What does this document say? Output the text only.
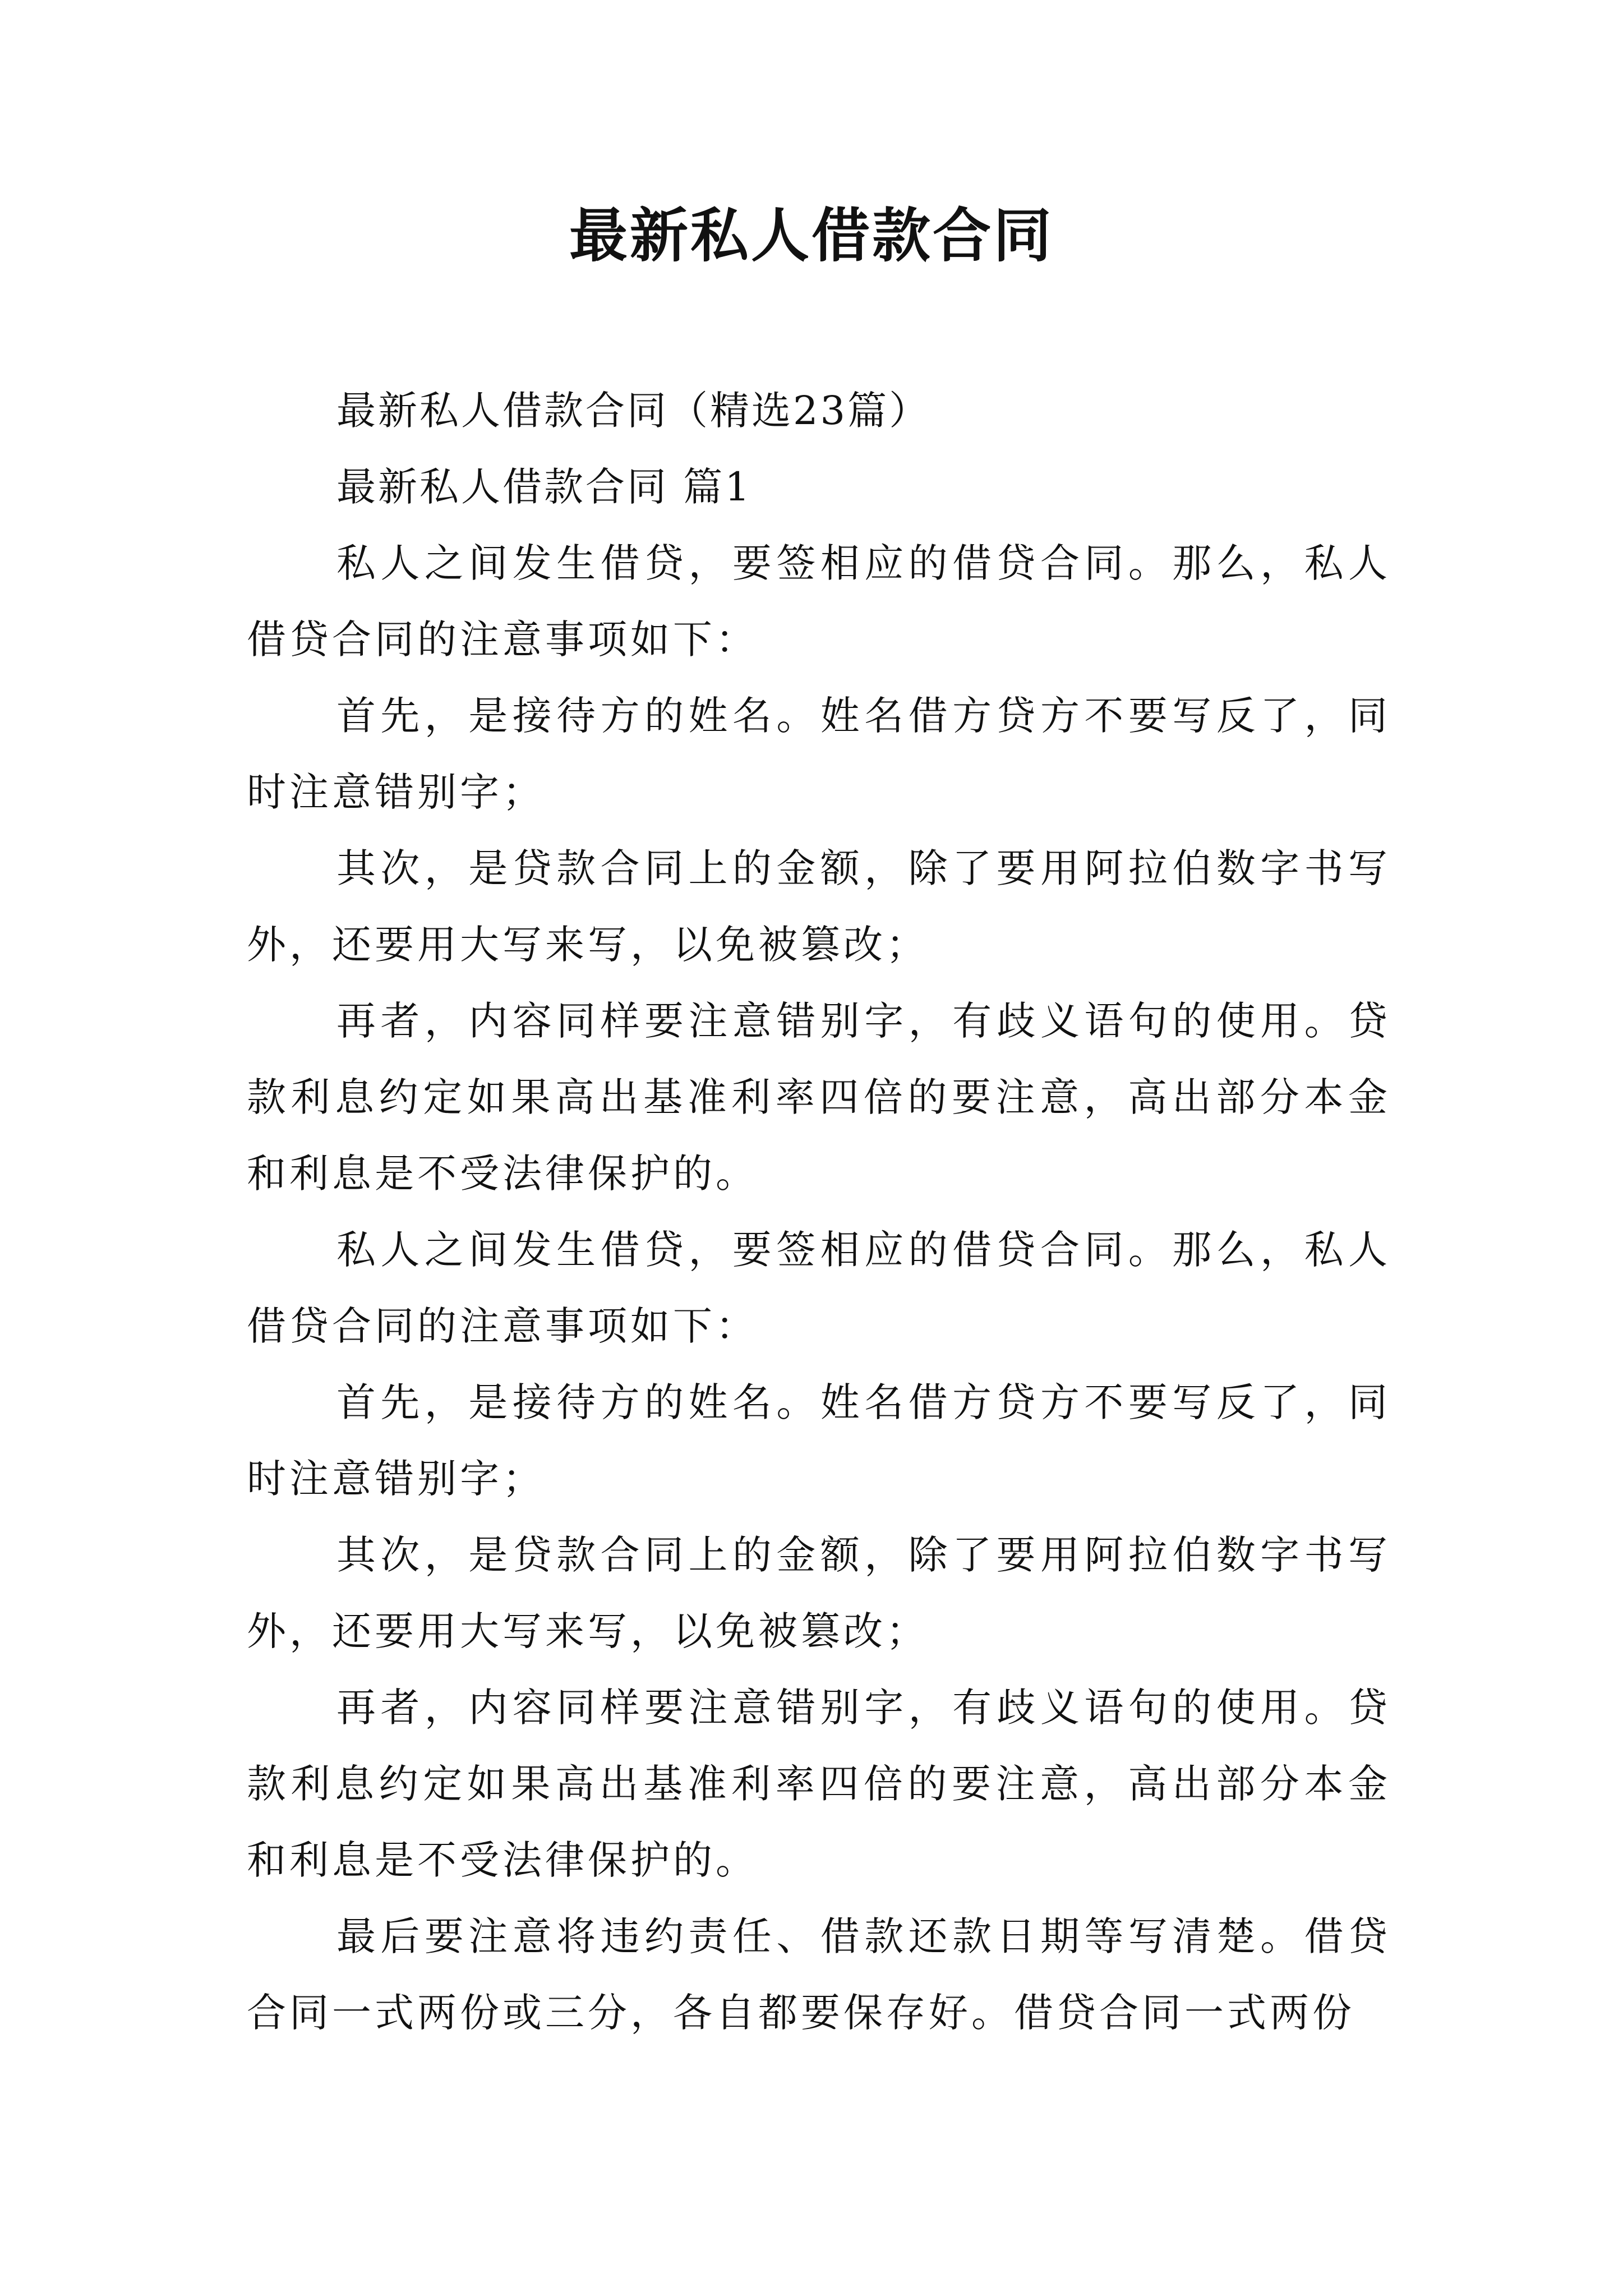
最新私人借款合同

最新私人借款合同（精选23篇）

最新私人借款合同 篇1

私人之间发生借贷，要签相应的借贷合同。那么，私人借贷合同的注意事项如下：

首先，是接待方的姓名。姓名借方贷方不要写反了，同时注意错别字；

其次，是贷款合同上的金额，除了要用阿拉伯数字书写外，还要用大写来写，以免被篡改；

再者，内容同样要注意错别字，有歧义语句的使用。贷款利息约定如果高出基准利率四倍的要注意，高出部分本金和利息是不受法律保护的。

私人之间发生借贷，要签相应的借贷合同。那么，私人借贷合同的注意事项如下：

首先，是接待方的姓名。姓名借方贷方不要写反了，同时注意错别字；

其次，是贷款合同上的金额，除了要用阿拉伯数字书写外，还要用大写来写，以免被篡改；

再者，内容同样要注意错别字，有歧义语句的使用。贷款利息约定如果高出基准利率四倍的要注意，高出部分本金和利息是不受法律保护的。

最后要注意将违约责任、借款还款日期等写清楚。借贷合同一式两份或三分，各自都要保存好。借贷合同一式两份
